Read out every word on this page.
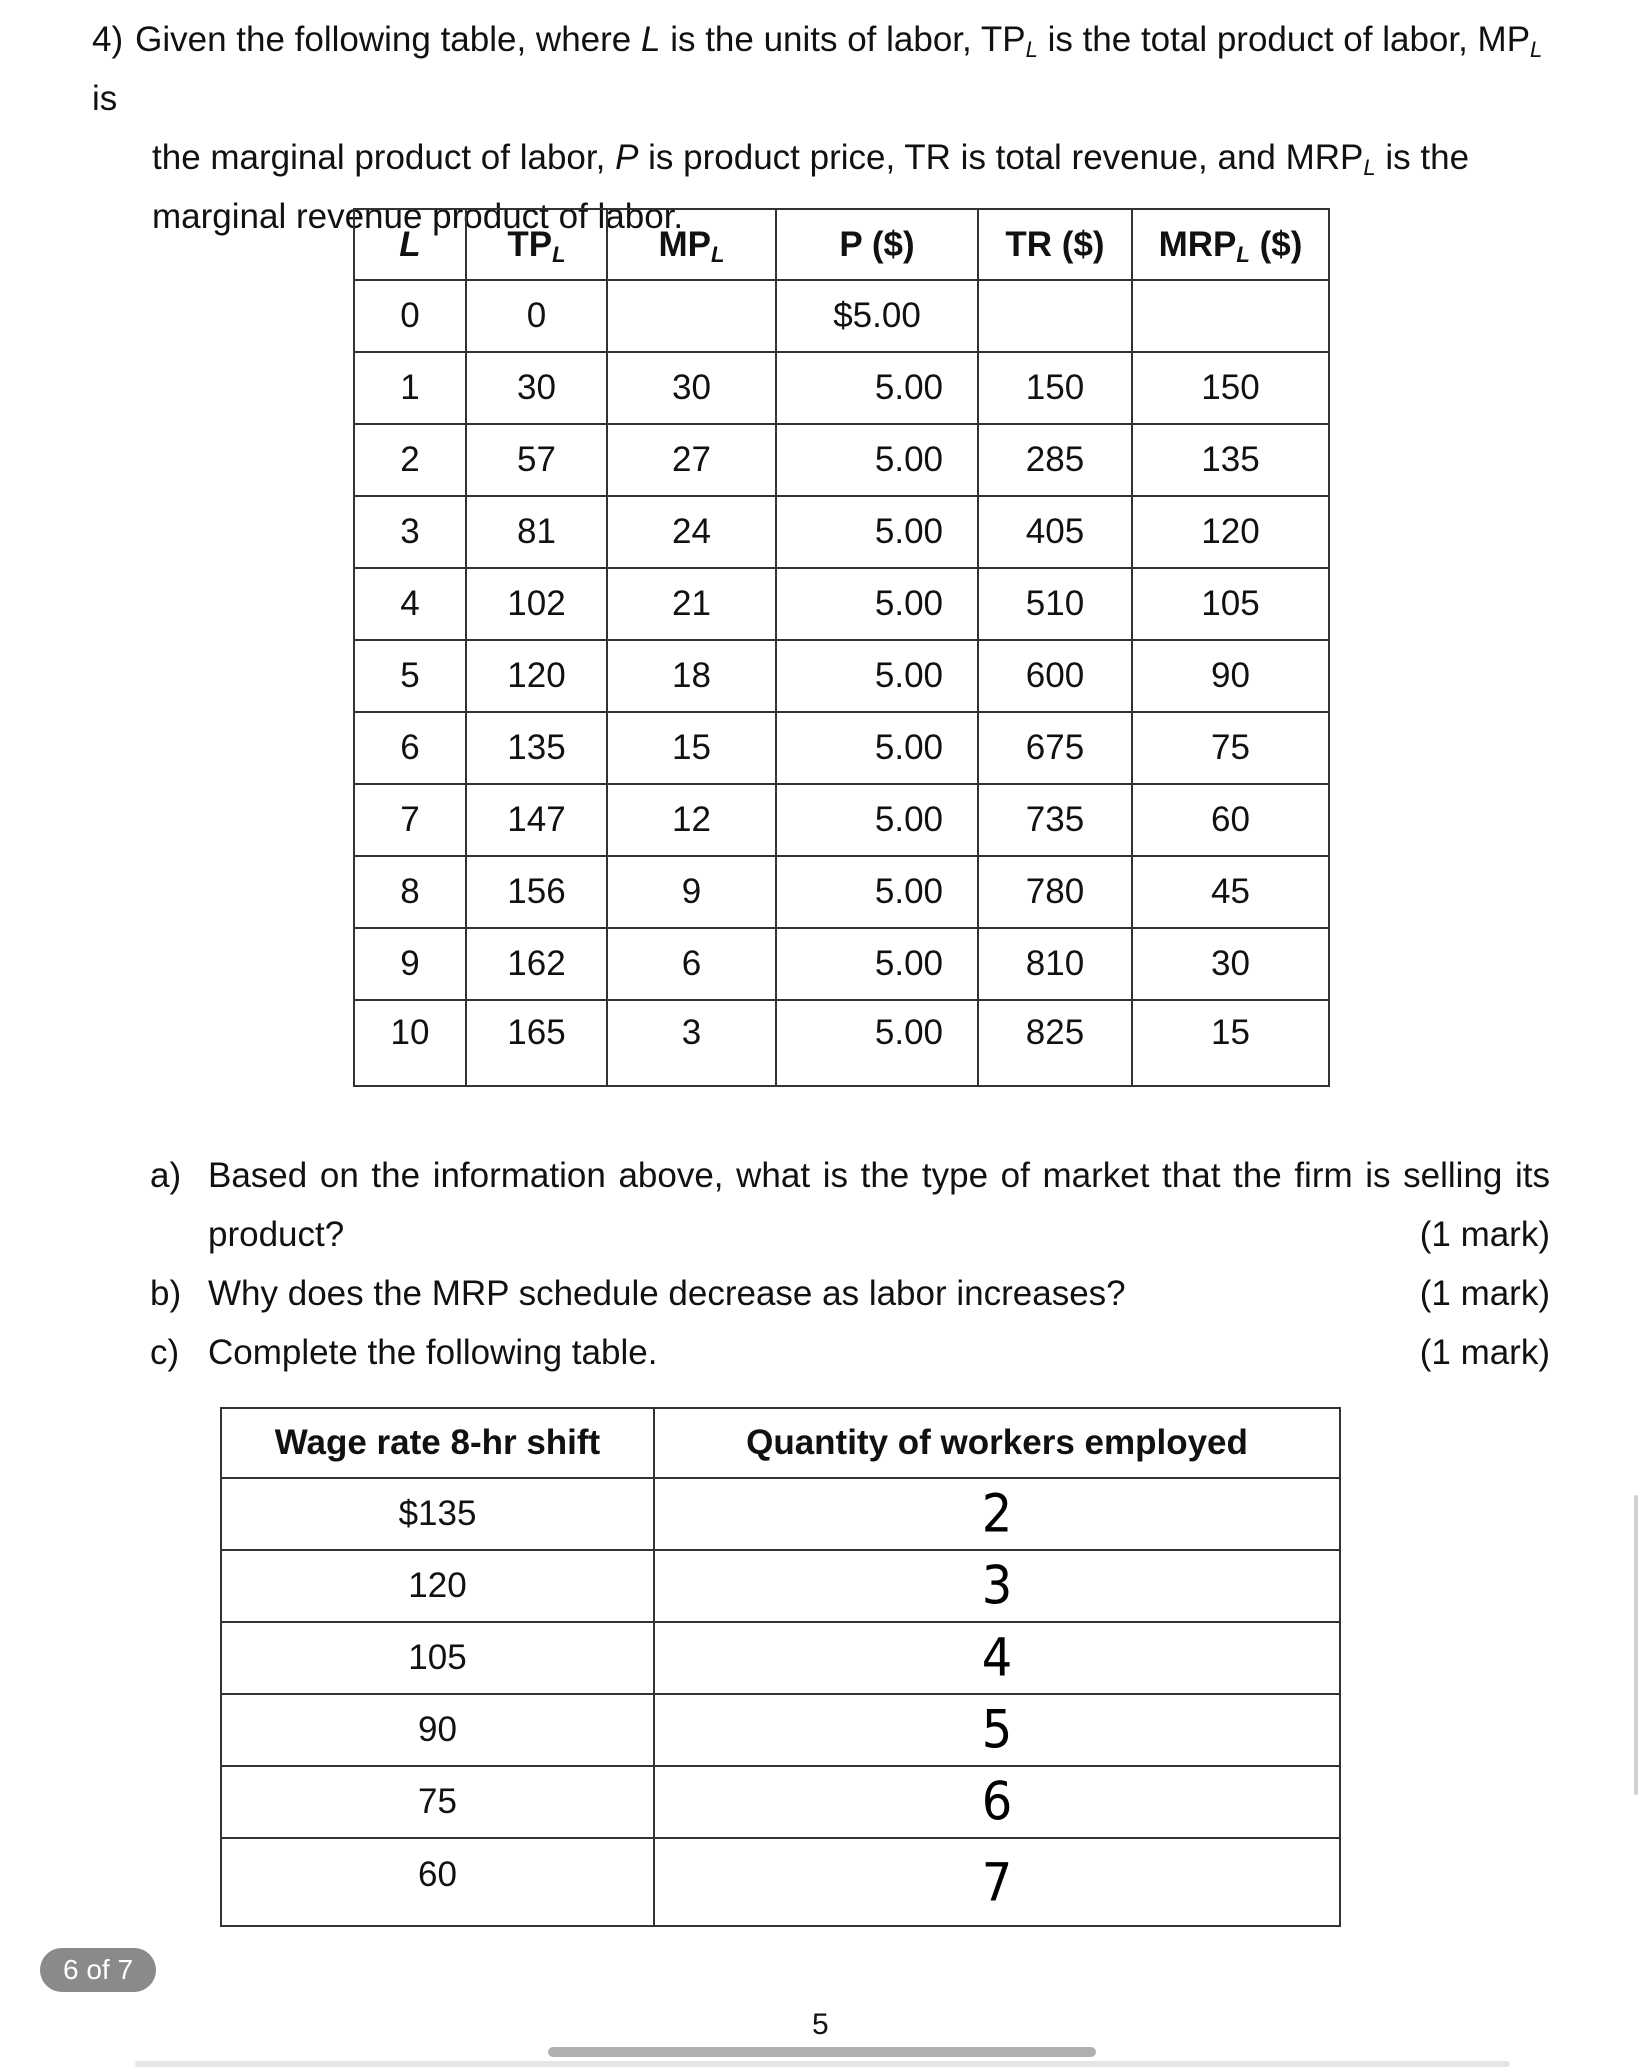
4) Given the following table, where L is the units of labor, $TP_L$ is the total product of labor, $MP_L$ is
the marginal product of labor, P is product price, TR is total revenue, and $MRP_L$ is the marginal revenue product of labor.
L	$TP_L$	$MP_L$	P ($)	TR ($)	$MRP_L$ ($)
0	0		$5.00		
1	30	30	5.00	150	150
2	57	27	5.00	285	135
3	81	24	5.00	405	120
4	102	21	5.00	510	105
5	120	18	5.00	600	90
6	135	15	5.00	675	75
7	147	12	5.00	735	60
8	156	9	5.00	780	45
9	162	6	5.00	810	30
10	165	3	5.00	825	15
a) Based on the information above, what is the type of market that the firm is selling its
product?	(1 mark)
b) Why does the MRP schedule decrease as labor increases?	(1 mark)
c) Complete the following table.	(1 mark)
Wage rate 8-hr shift	Quantity of workers employed
$135	2
120	3
105	4
90	5
75	6
60	7
6 of 7
5
